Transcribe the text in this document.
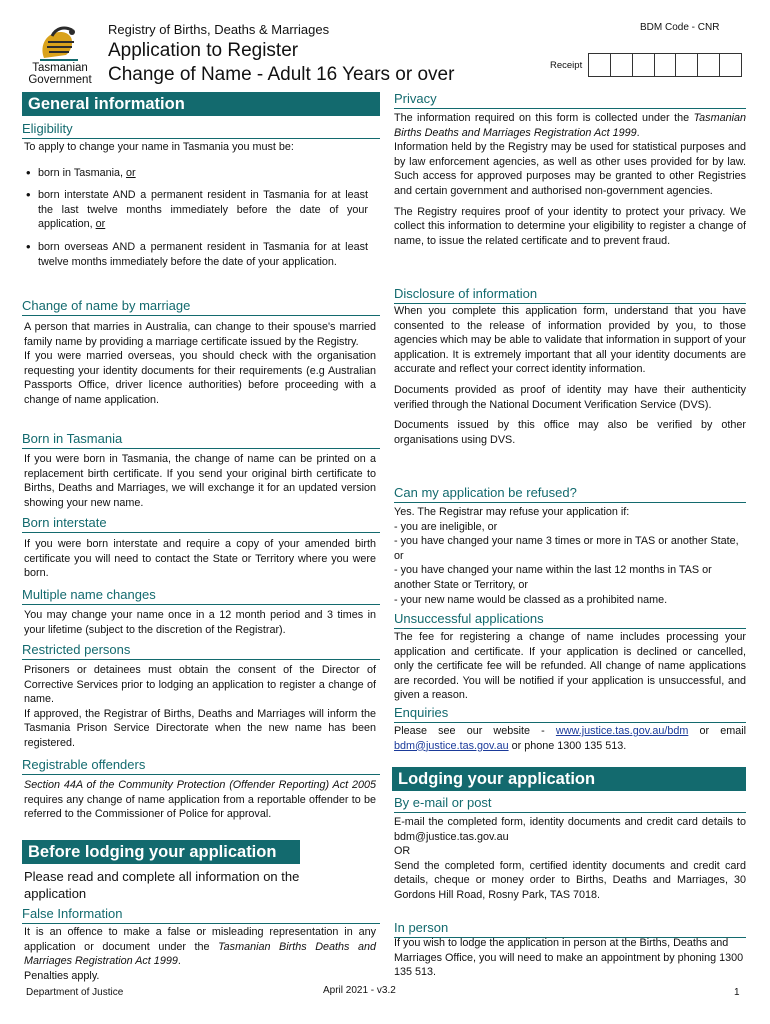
Tasmanian
Government
Registry of Births, Deaths & Marriages
Application to Register
Change of Name - Adult 16 Years or over
BDM Code - CNR
Receipt
General information
Eligibility
To apply to change your name in Tasmania you must be:
• born in Tasmania, or
• born interstate AND a permanent resident in Tasmania for at least the last twelve months immediately before the date of your application, or
• born overseas AND a permanent resident in Tasmania for at least twelve months immediately before the date of your application.
Change of name by marriage

A person that marries in Australia, can change to their spouse's married family name by providing a marriage certificate issued by the Registry.

If you were married overseas, you should check with the organisation requesting your identity documents for their requirements (e.g Australian Passports Office, driver licence authorities) before proceeding with a change of name application.

Born in Tasmania
If you were born in Tasmania, the change of name can be printed on a replacement birth certificate. If you send your original birth certificate to Births, Deaths and Marriages, we will exchange it for an updated version showing your new name.
Born interstate
If you were born interstate and require a copy of your amended birth certificate you will need to contact the State or Territory where you were born.
Multiple name changes
You may change your name once in a 12 month period and 3 times in your lifetime (subject to the discretion of the Registrar).
Restricted persons

Prisoners or detainees must obtain the consent of the Director of Corrective Services prior to lodging an application to register a change of name.

If approved, the Registrar of Births, Deaths and Marriages will inform the Tasmania Prison Service Directorate when the new name has been registered.

Registrable offenders
Section 44A of the Community Protection (Offender Reporting) Act 2005 requires any change of name application from a reportable offender to be referred to the Commissioner of Police for approval.
Before lodging your application
Please read and complete all information on the application
False Information

It is an offence to make a false or misleading representation in any application or document under the Tasmanian Births Deaths and Marriages Registration Act 1999.

Penalties apply.

Privacy

The information required on this form is collected under the Tasmanian Births Deaths and Marriages Registration Act 1999.

Information held by the Registry may be used for statistical purposes and by law enforcement agencies, as well as other uses provided for by law. Such access for approved purposes may be granted to other Registries and certain government and authorised non-government agencies.

The Registry requires proof of your identity to protect your privacy. We collect this information to determine your eligibility to register a change of name, to issue the related certificate and to prevent fraud.

Disclosure of information

When you complete this application form, understand that you have consented to the release of information provided by you, to those agencies which may be able to validate that information in support of your application. It is extremely important that all your identity documents are accurate and reflect your correct identity information.

Documents provided as proof of identity may have their authenticity verified through the National Document Verification Service (DVS).

Documents issued by this office may also be verified by other organisations using DVS.

Can my application be refused?

Yes. The Registrar may refuse your application if:

- you are ineligible, or

- you have changed your name 3 times or more in TAS or another State, or

- you have changed your name within the last 12 months in TAS or another State or Territory, or

- your new name would be classed as a prohibited name.

Unsuccessful applications
The fee for registering a change of name includes processing your application and certificate. If your application is declined or cancelled, only the certificate fee will be refunded. All change of name applications are recorded. You will be notified if your application is unsuccessful, and given a reason.
Enquiries
Please see our website - www.justice.tas.gov.au/bdm or email bdm@justice.tas.gov.au or phone 1300 135 513.
Lodging your application
By e-mail or post

E-mail the completed form, identity documents and credit card details to bdm@justice.tas.gov.au

OR

Send the completed form, certified identity documents and credit card details, cheque or money order to Births, Deaths and Marriages, 30 Gordons Hill Road, Rosny Park, TAS 7018.

In person
If you wish to lodge the application in person at the Births, Deaths and Marriages Office, you will need to make an appointment by phoning 1300 135 513.
Department of Justice	April 2021 - v3.2	1
